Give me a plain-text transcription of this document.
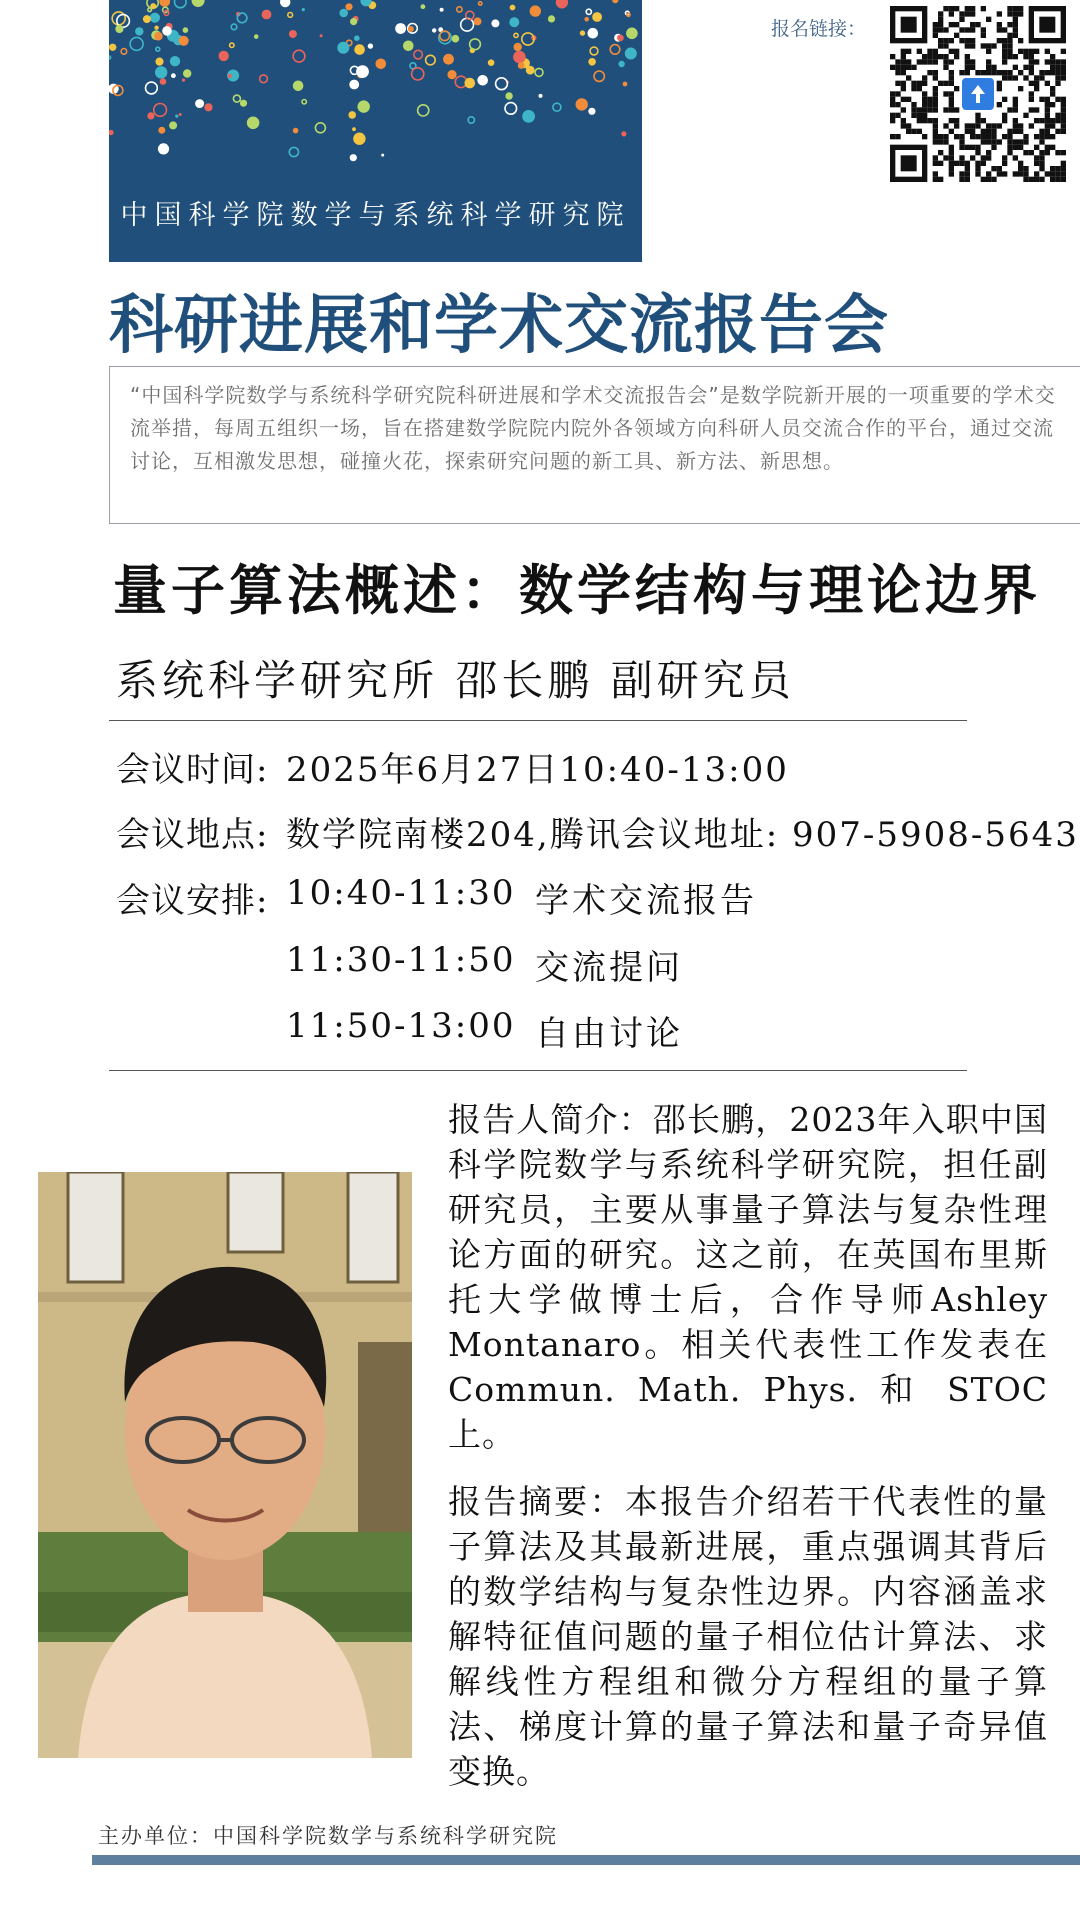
中国科学院数学与系统科学研究院
报名链接：
科研进展和学术交流报告会
“中国科学院数学与系统科学研究院科研进展和学术交流报告会”是数学院新开展的一项重要的学术交流举措，每周五组织一场，旨在搭建数学院院内院外各领域方向科研人员交流合作的平台，通过交流讨论，互相激发思想，碰撞火花，探索研究问题的新工具、新方法、新思想。
量子算法概述：数学结构与理论边界
系统科学研究所 邵长鹏 副研究员
会议时间: 2025年6月27日10:40-13:00
会议地点: 数学院南楼204,腾讯会议地址: 907-5908-5643
会议安排: 10:40-11:30 学术交流报告
11:30-11:50 交流提问
11:50-13:00 自由讨论
报告人简介：邵长鹏，2023年入职中国科学院数学与系统科学研究院，担任副研究员，主要从事量子算法与复杂性理论方面的研究。这之前，在英国布里斯托大学做博士后，合作导师Ashley Montanaro。相关代表性工作发表在 Commun. Math. Phys. 和 STOC上。
报告摘要：本报告介绍若干代表性的量子算法及其最新进展，重点强调其背后的数学结构与复杂性边界。内容涵盖求解特征值问题的量子相位估计算法、求解线性方程组和微分方程组的量子算法、梯度计算的量子算法和量子奇异值变换。
主办单位：中国科学院数学与系统科学研究院
